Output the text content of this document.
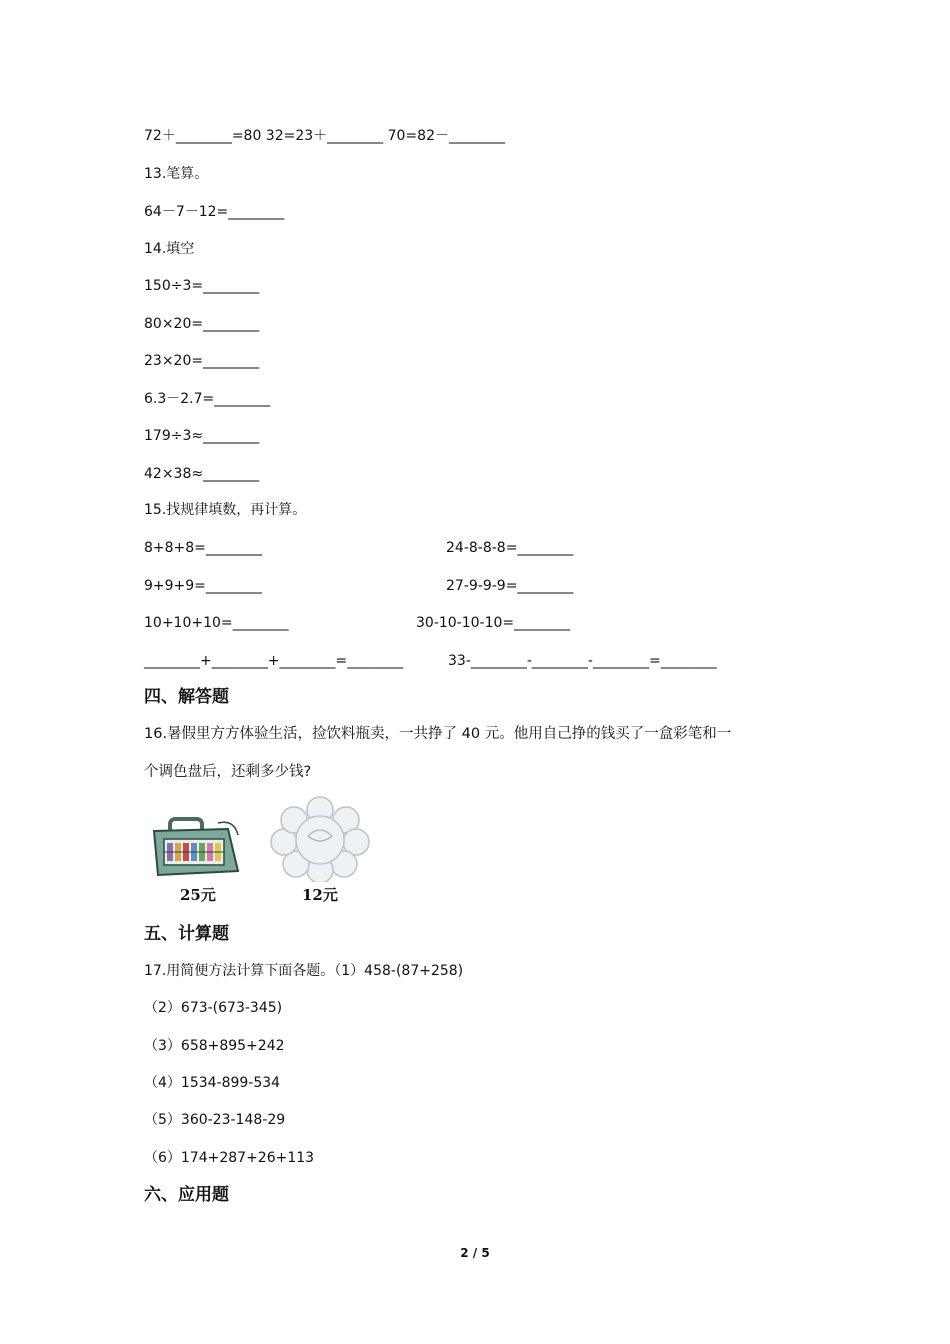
72＋________=80 32=23＋________ 70=82－________
13.笔算。
64－7－12=________
14.填空
150÷3=________
80×20=________
23×20=________
6.3－2.7=________
179÷3≈________
42×38≈________
15.找规律填数，再计算。
8+8+8=________	24-8-8-8=________
9+9+9=________	27-9-9-9=________
10+10+10=________	30-10-10-10=________
________+________+________=________	33-________-________-________=________
四、解答题
16.暑假里方方体验生活，捡饮料瓶卖，一共挣了 40 元。他用自己挣的钱买了一盒彩笔和一
个调色盘后，还剩多少钱?
25元	12元
五、计算题
17.用简便方法计算下面各题。（1）458-(87+258)
（2）673-(673-345)
（3）658+895+242
（4）1534-899-534
（5）360-23-148-29
（6）174+287+26+113
六、应用题
2 / 5
